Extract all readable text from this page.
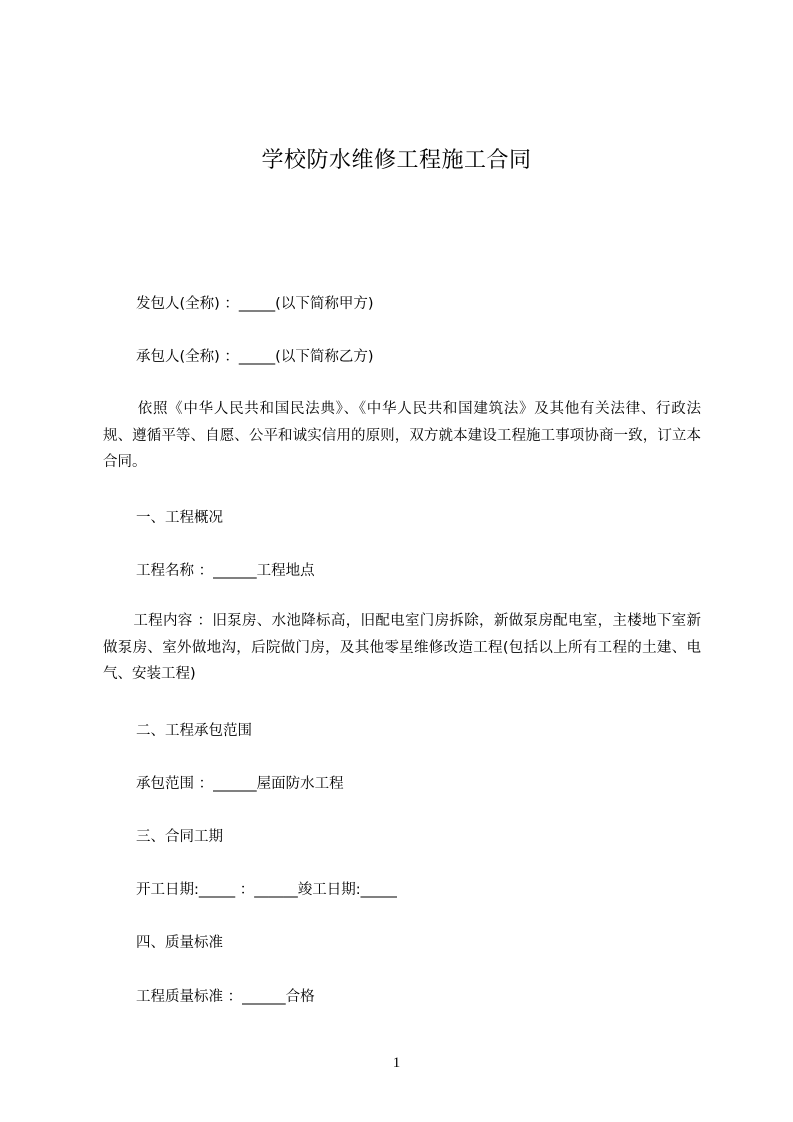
学校防水维修工程施工合同
发包人(全称) ：_____(以下简称甲方)
承包人(全称) ：_____(以下简称乙方)
依照《中华人民共和国民法典》、《中华人民共和国建筑法》及其他有关法律、行政法规、遵循平等、自愿、公平和诚实信用的原则，双方就本建设工程施工事项协商一致，订立本合同。
一、工程概况
工程名称 ：______工程地点
工程内容 ：旧泵房、水池降标高，旧配电室门房拆除，新做泵房配电室，主楼地下室新做泵房、室外做地沟，后院做门房，及其他零星维修改造工程(包括以上所有工程的土建、电气、安装工程)
二、工程承包范围
承包范围 ：______屋面防水工程
三、合同工期
开工日期:_____ ：______竣工日期:_____
四、质量标准
工程质量标准 ：______合格
1
